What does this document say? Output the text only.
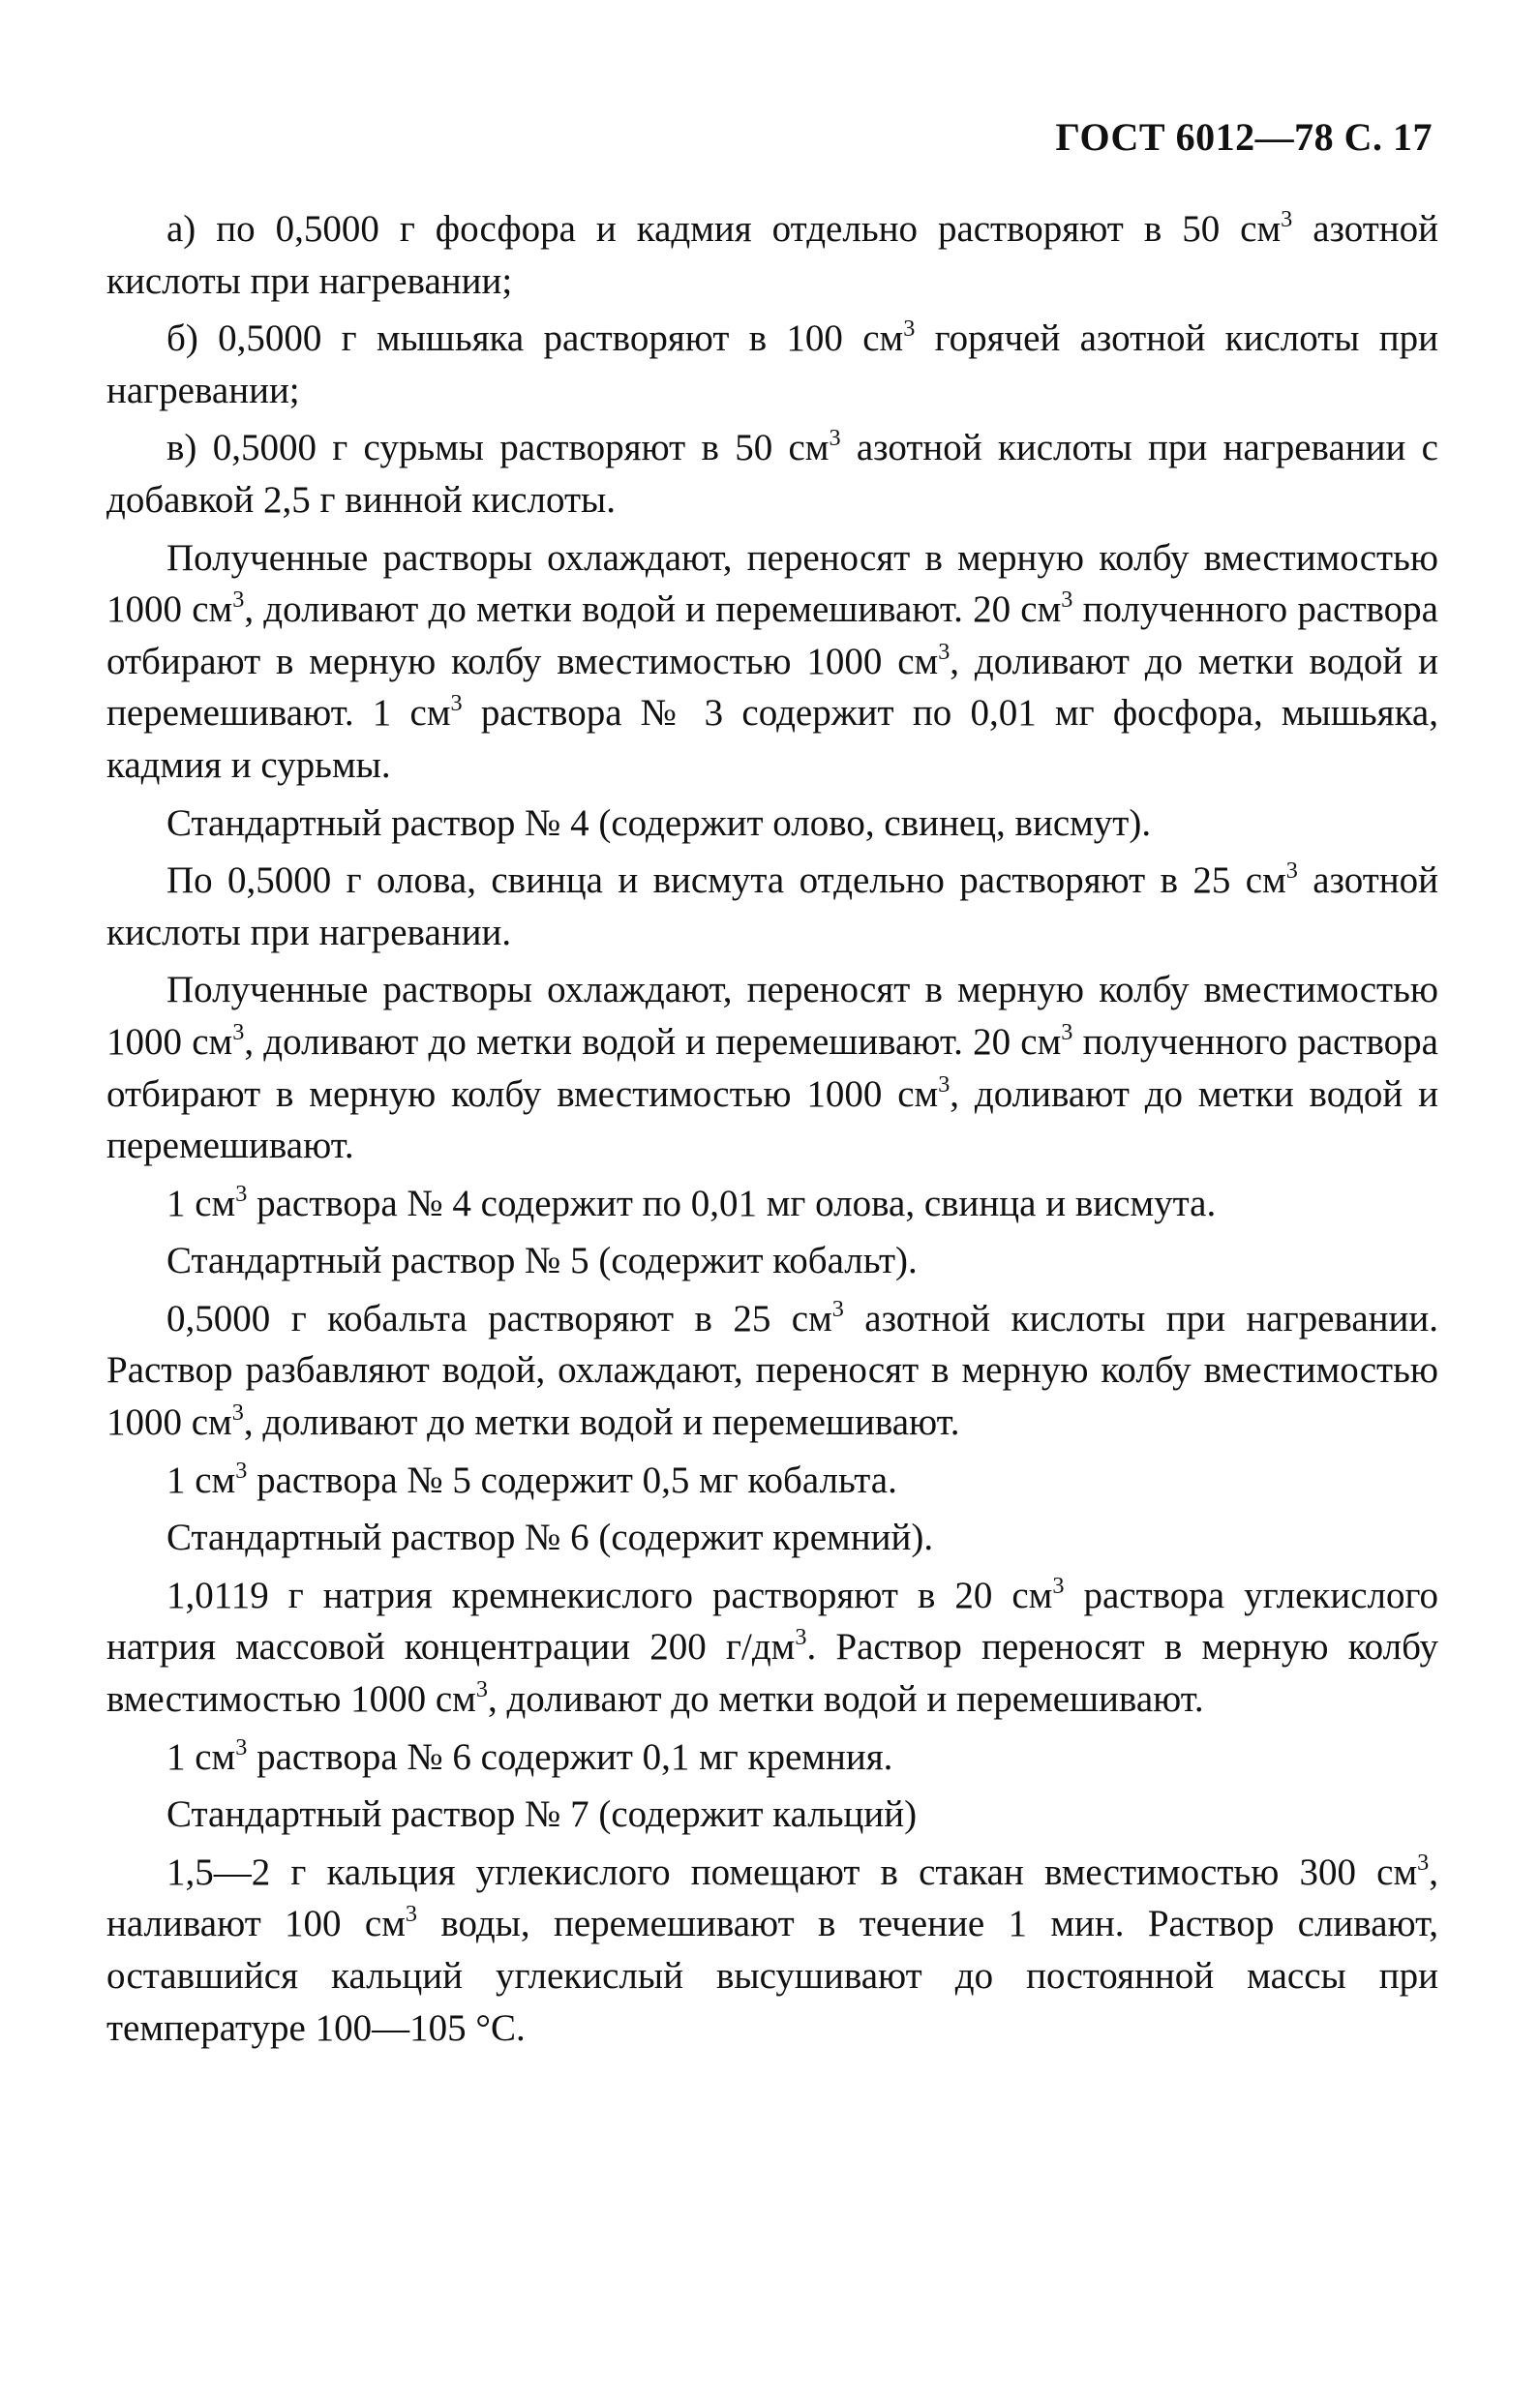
ГОСТ 6012—78 С. 17

а) по 0,5000 г фосфора и кадмия отдельно растворяют в 50 $см^3$ азотной кислоты при нагревании;

б) 0,5000 г мышьяка растворяют в 100 $см^3$ горячей азотной кислоты при нагревании;

в) 0,5000 г сурьмы растворяют в 50 $см^3$ азотной кислоты при нагревании с добавкой 2,5 г винной кислоты.

Полученные растворы охлаждают, переносят в мерную колбу вместимостью 1000 $см^3$, доливают до метки водой и перемешивают. 20 $см^3$ полученного раствора отбирают в мерную колбу вместимостью 1000 $см^3$, доливают до метки водой и перемешивают. 1 $см^3$ раствора № 3 содержит по 0,01 мг фосфора, мышьяка, кадмия и сурьмы.

Стандартный раствор № 4 (содержит олово, свинец, висмут).

По 0,5000 г олова, свинца и висмута отдельно растворяют в 25 $см^3$ азотной кислоты при нагревании.

Полученные растворы охлаждают, переносят в мерную колбу вместимостью 1000 $см^3$, доливают до метки водой и перемешивают. 20 $см^3$ полученного раствора отбирают в мерную колбу вместимостью 1000 $см^3$, доливают до метки водой и перемешивают.

1 $см^3$ раствора № 4 содержит по 0,01 мг олова, свинца и висмута.

Стандартный раствор № 5 (содержит кобальт).

0,5000 г кобальта растворяют в 25 $см^3$ азотной кислоты при нагревании. Раствор разбавляют водой, охлаждают, переносят в мерную колбу вместимостью 1000 $см^3$, доливают до метки водой и перемешивают.

1 $см^3$ раствора № 5 содержит 0,5 мг кобальта.

Стандартный раствор № 6 (содержит кремний).

1,0119 г натрия кремнекислого растворяют в 20 $см^3$ раствора углекислого натрия массовой концентрации 200 $г/дм^3$. Раствор переносят в мерную колбу вместимостью 1000 $см^3$, доливают до метки водой и перемешивают.

1 $см^3$ раствора № 6 содержит 0,1 мг кремния.

Стандартный раствор № 7 (содержит кальций)

1,5—2 г кальция углекислого помещают в стакан вместимостью 300 $см^3$, наливают 100 $см^3$ воды, перемешивают в течение 1 мин. Раствор сливают, оставшийся кальций углекислый высушивают до постоянной массы при температуре 100—105 °С.
